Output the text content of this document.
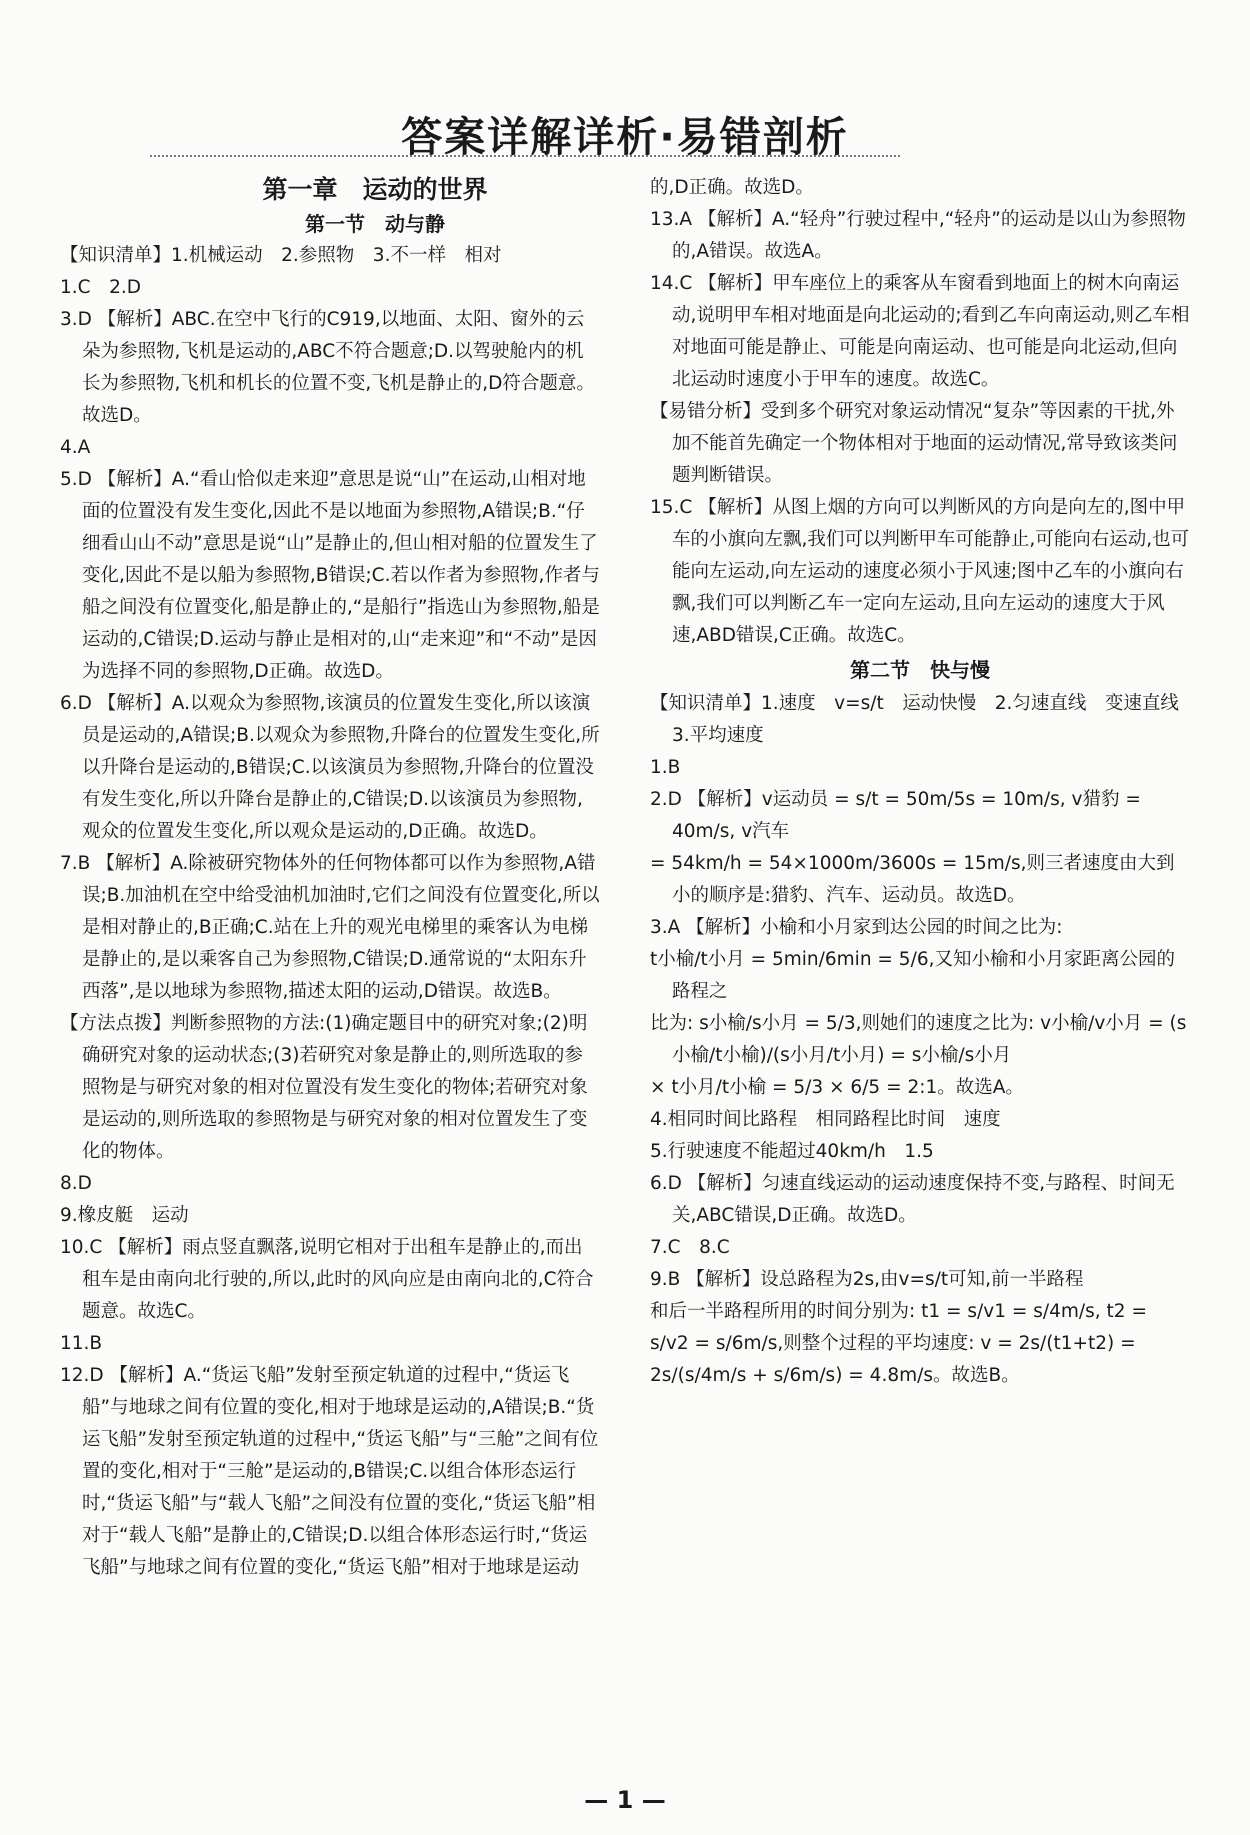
答案详解详析·易错剖析
第一章　运动的世界
第一节　动与静

【知识清单】1.机械运动　2.参照物　3.不一样　相对

1.C　2.D

3.D 【解析】ABC.在空中飞行的C919,以地面、太阳、窗外的云朵为参照物,飞机是运动的,ABC不符合题意;D.以驾驶舱内的机长为参照物,飞机和机长的位置不变,飞机是静止的,D符合题意。故选D。

4.A

5.D 【解析】A.“看山恰似走来迎”意思是说“山”在运动,山相对地面的位置没有发生变化,因此不是以地面为参照物,A错误;B.“仔细看山山不动”意思是说“山”是静止的,但山相对船的位置发生了变化,因此不是以船为参照物,B错误;C.若以作者为参照物,作者与船之间没有位置变化,船是静止的,“是船行”指选山为参照物,船是运动的,C错误;D.运动与静止是相对的,山“走来迎”和“不动”是因为选择不同的参照物,D正确。故选D。

6.D 【解析】A.以观众为参照物,该演员的位置发生变化,所以该演员是运动的,A错误;B.以观众为参照物,升降台的位置发生变化,所以升降台是运动的,B错误;C.以该演员为参照物,升降台的位置没有发生变化,所以升降台是静止的,C错误;D.以该演员为参照物,观众的位置发生变化,所以观众是运动的,D正确。故选D。

7.B 【解析】A.除被研究物体外的任何物体都可以作为参照物,A错误;B.加油机在空中给受油机加油时,它们之间没有位置变化,所以是相对静止的,B正确;C.站在上升的观光电梯里的乘客认为电梯是静止的,是以乘客自己为参照物,C错误;D.通常说的“太阳东升西落”,是以地球为参照物,描述太阳的运动,D错误。故选B。

【方法点拨】判断参照物的方法:(1)确定题目中的研究对象;(2)明确研究对象的运动状态;(3)若研究对象是静止的,则所选取的参照物是与研究对象的相对位置没有发生变化的物体;若研究对象是运动的,则所选取的参照物是与研究对象的相对位置发生了变化的物体。

8.D

9.橡皮艇　运动

10.C 【解析】雨点竖直飘落,说明它相对于出租车是静止的,而出租车是由南向北行驶的,所以,此时的风向应是由南向北的,C符合题意。故选C。

11.B

12.D 【解析】A.“货运飞船”发射至预定轨道的过程中,“货运飞船”与地球之间有位置的变化,相对于地球是运动的,A错误;B.“货运飞船”发射至预定轨道的过程中,“货运飞船”与“三舱”之间有位置的变化,相对于“三舱”是运动的,B错误;C.以组合体形态运行时,“货运飞船”与“载人飞船”之间没有位置的变化,“货运飞船”相对于“载人飞船”是静止的,C错误;D.以组合体形态运行时,“货运飞船”与地球之间有位置的变化,“货运飞船”相对于地球是运动

的,D正确。故选D。

13.A 【解析】A.“轻舟”行驶过程中,“轻舟”的运动是以山为参照物的,A错误。故选A。

14.C 【解析】甲车座位上的乘客从车窗看到地面上的树木向南运动,说明甲车相对地面是向北运动的;看到乙车向南运动,则乙车相对地面可能是静止、可能是向南运动、也可能是向北运动,但向北运动时速度小于甲车的速度。故选C。

【易错分析】受到多个研究对象运动情况“复杂”等因素的干扰,外加不能首先确定一个物体相对于地面的运动情况,常导致该类问题判断错误。

15.C 【解析】从图上烟的方向可以判断风的方向是向左的,图中甲车的小旗向左飘,我们可以判断甲车可能静止,可能向右运动,也可能向左运动,向左运动的速度必须小于风速;图中乙车的小旗向右飘,我们可以判断乙车一定向左运动,且向左运动的速度大于风速,ABD错误,C正确。故选C。

第二节　快与慢

【知识清单】1.速度　v=s/t　运动快慢　2.匀速直线　变速直线　3.平均速度

1.B

2.D 【解析】v运动员 = s/t = 50m/5s = 10m/s, v猎豹 = 40m/s, v汽车

= 54km/h = 54×1000m/3600s = 15m/s,则三者速度由大到小的顺序是:猎豹、汽车、运动员。故选D。

3.A 【解析】小榆和小月家到达公园的时间之比为:

t小榆/t小月 = 5min/6min = 5/6,又知小榆和小月家距离公园的路程之

比为: s小榆/s小月 = 5/3,则她们的速度之比为: v小榆/v小月 = (s小榆/t小榆)/(s小月/t小月) = s小榆/s小月

× t小月/t小榆 = 5/3 × 6/5 = 2:1。故选A。

4.相同时间比路程　相同路程比时间　速度

5.行驶速度不能超过40km/h　1.5

6.D 【解析】匀速直线运动的运动速度保持不变,与路程、时间无关,ABC错误,D正确。故选D。

7.C　8.C

9.B 【解析】设总路程为2s,由v=s/t可知,前一半路程

和后一半路程所用的时间分别为: t1 = s/v1 = s/4m/s, t2 =

s/v2 = s/6m/s,则整个过程的平均速度: v = 2s/(t1+t2) =

2s/(s/4m/s + s/6m/s) = 4.8m/s。故选B。

— 1 —
